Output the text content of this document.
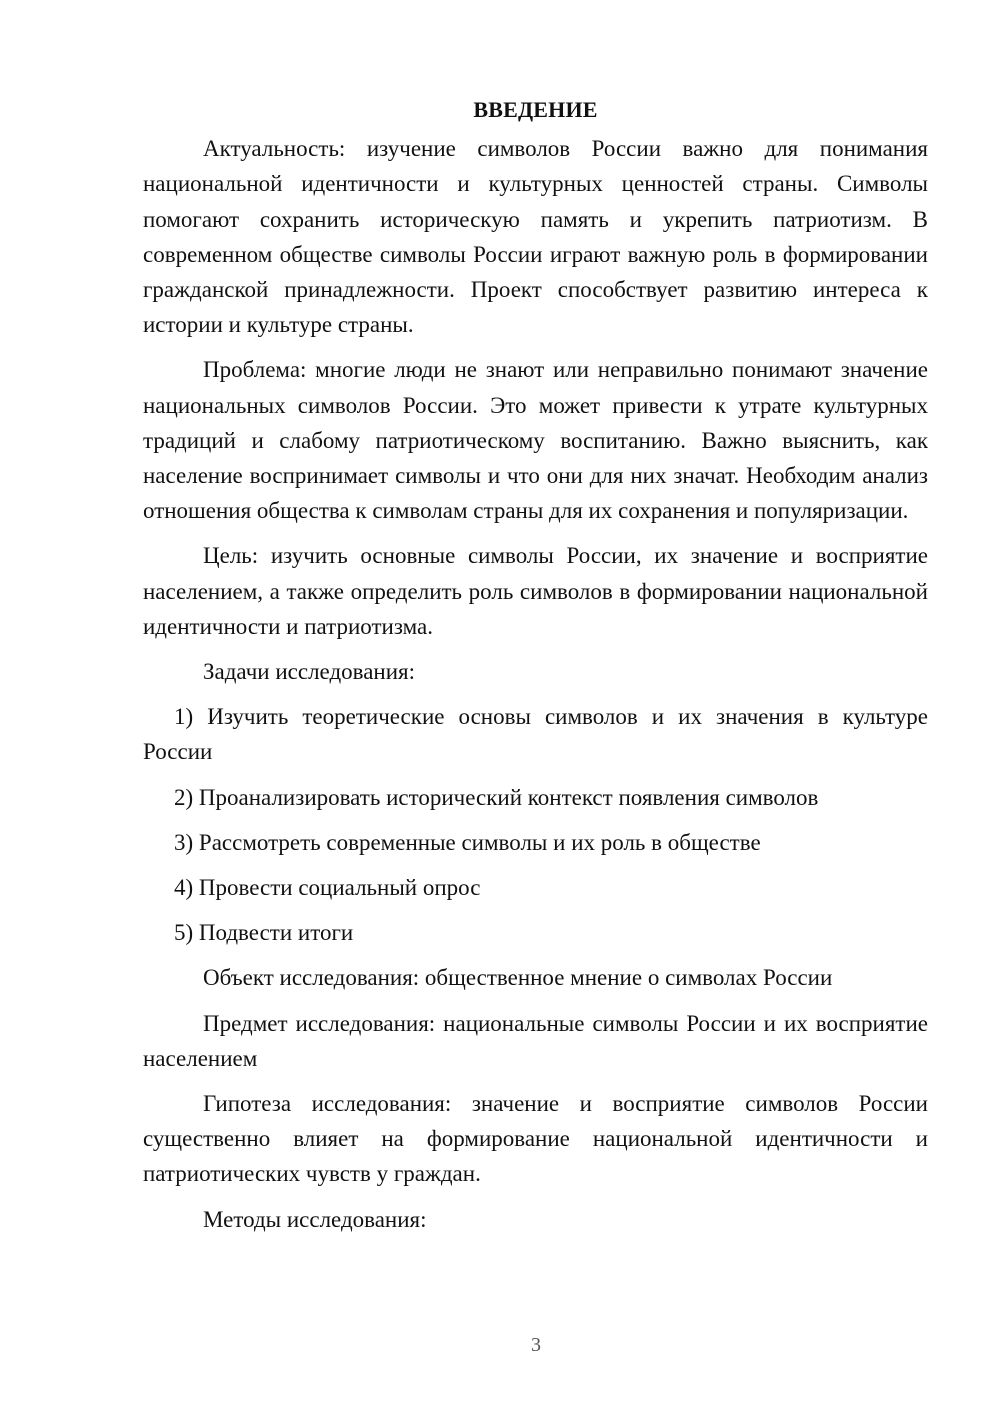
ВВЕДЕНИЕ

Актуальность: изучение символов России важно для понимания национальной идентичности и культурных ценностей страны. Символы помогают сохранить историческую память и укрепить патриотизм. В современном обществе символы России играют важную роль в формировании гражданской принадлежности. Проект способствует развитию интереса к истории и культуре страны.

Проблема: многие люди не знают или неправильно понимают значение национальных символов России. Это может привести к утрате культурных традиций и слабому патриотическому воспитанию. Важно выяснить, как население воспринимает символы и что они для них значат. Необходим анализ отношения общества к символам страны для их сохранения и популяризации.

Цель: изучить основные символы России, их значение и восприятие населением, а также определить роль символов в формировании национальной идентичности и патриотизма.

Задачи исследования:

1) Изучить теоретические основы символов и их значения в культуре России

2) Проанализировать исторический контекст появления символов

3) Рассмотреть современные символы и их роль в обществе

4) Провести социальный опрос

5) Подвести итоги

Объект исследования: общественное мнение о символах России

Предмет исследования: национальные символы России и их восприятие населением

Гипотеза исследования: значение и восприятие символов России существенно влияет на формирование национальной идентичности и патриотических чувств у граждан.

Методы исследования:

3
